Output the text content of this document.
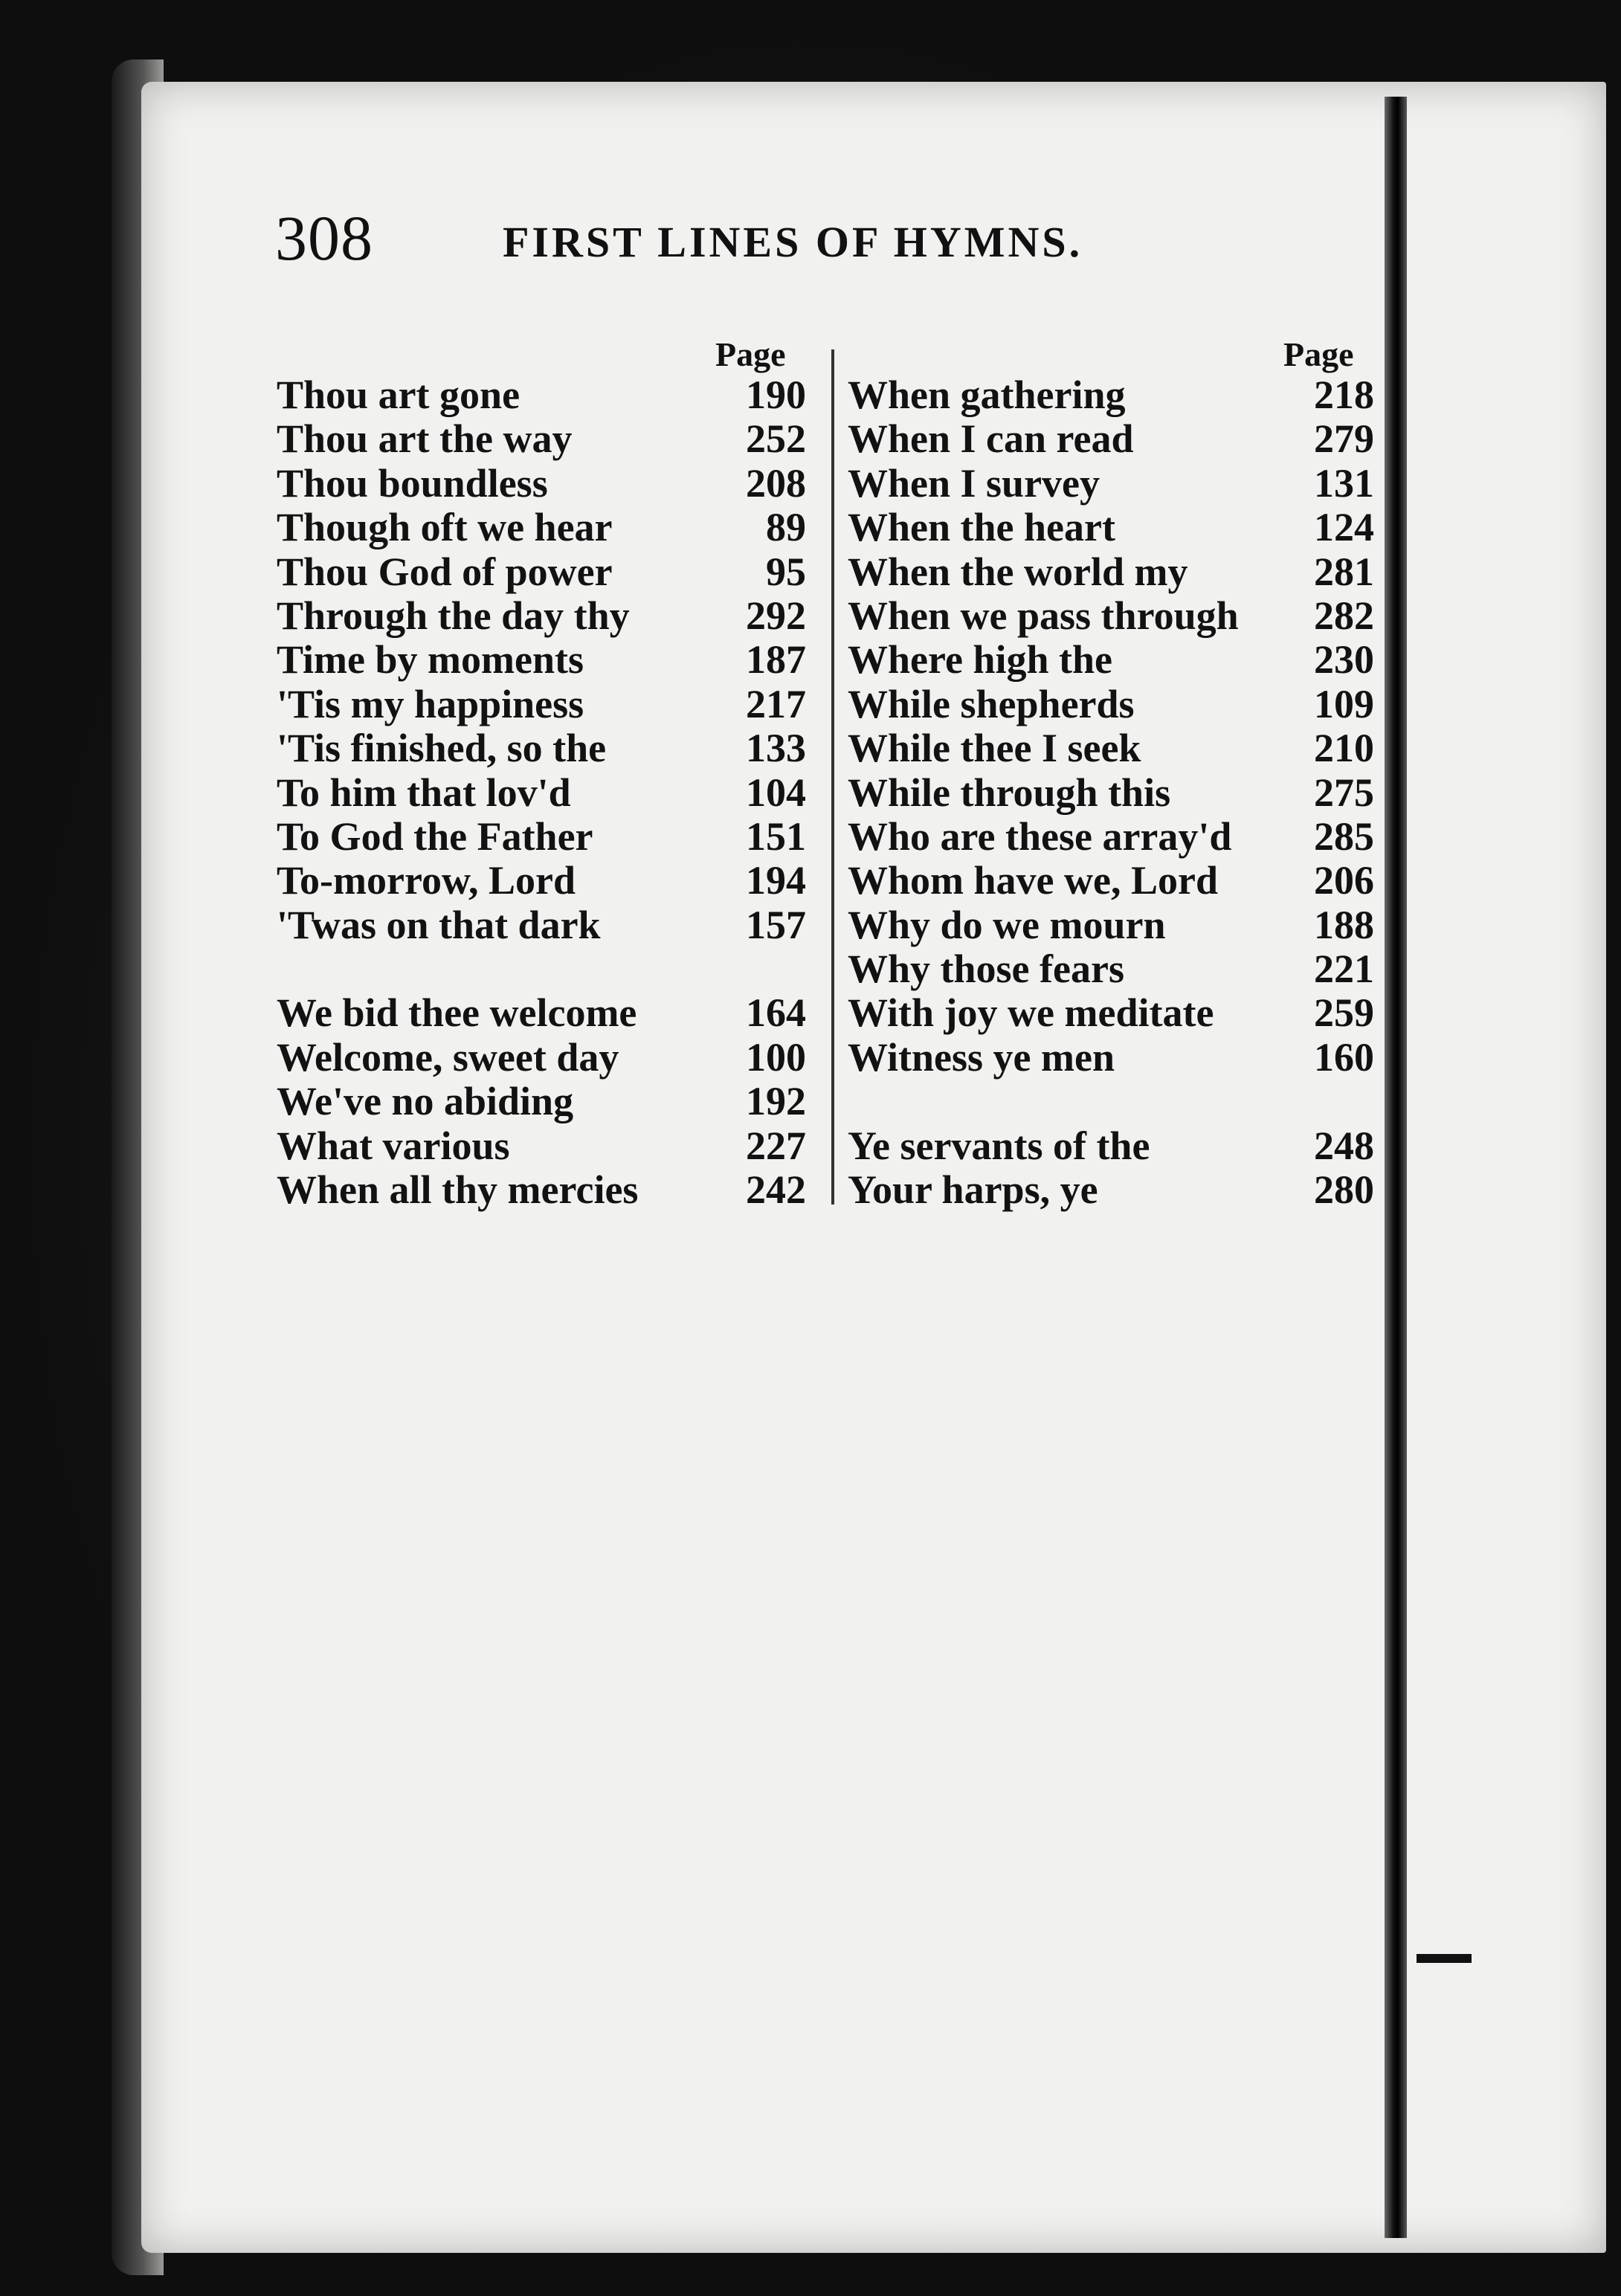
308	FIRST LINES OF HYMNS.
Page	Page
Thou art gone	190
Thou art the way	252
Thou boundless	208
Though oft we hear	89
Thou God of power	95
Through the day thy	292
Time by moments	187
'Tis my happiness	217
'Tis finished, so the	133
To him that lov'd	104
To God the Father	151
To-morrow, Lord	194
'Twas on that dark	157
We bid thee welcome	164
Welcome, sweet day	100
We've no abiding	192
What various	227
When all thy mercies	242
When gathering	218
When I can read	279
When I survey	131
When the heart	124
When the world my	281
When we pass through 282
Where high the	230
While shepherds	109
While thee I seek	210
While through this	275
Who are these array'd 285
Whom have we, Lord 206
Why do we mourn	188
Why those fears	221
With joy we meditate 259
Witness ye men	160
Ye servants of the	248
Your harps, ye	280
